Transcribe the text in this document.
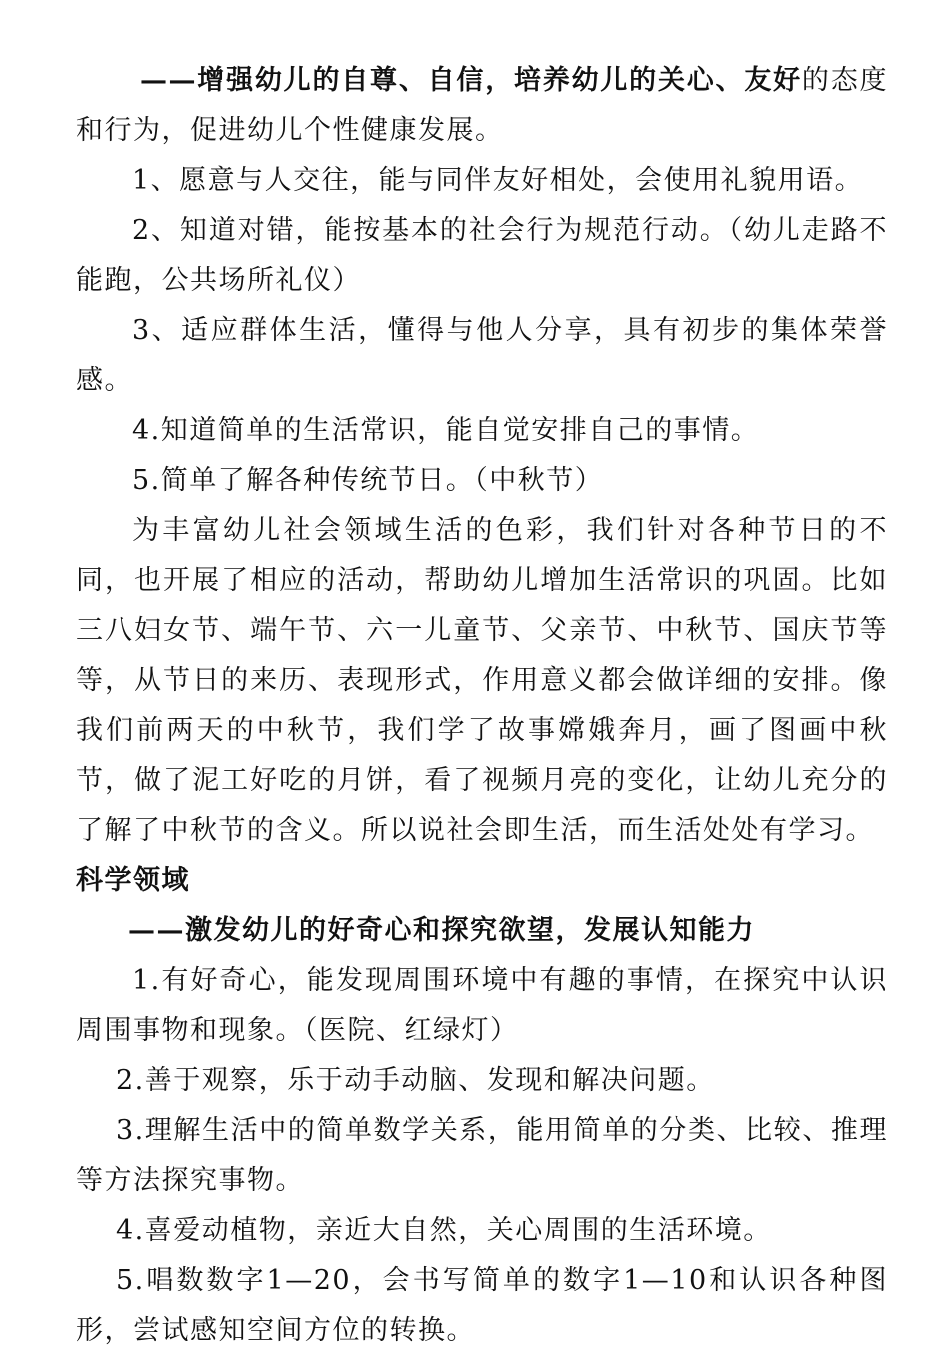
——增强幼儿的自尊、自信，培养幼儿的关心、友好的态度和行为，促进幼儿个性健康发展。

1、愿意与人交往，能与同伴友好相处，会使用礼貌用语。

2、知道对错，能按基本的社会行为规范行动。（幼儿走路不能跑，公共场所礼仪）

3、适应群体生活，懂得与他人分享，具有初步的集体荣誉感。

4.知道简单的生活常识，能自觉安排自己的事情。

5.简单了解各种传统节日。（中秋节）

为丰富幼儿社会领域生活的色彩，我们针对各种节日的不同，也开展了相应的活动，帮助幼儿增加生活常识的巩固。比如三八妇女节、端午节、六一儿童节、父亲节、中秋节、国庆节等等，从节日的来历、表现形式，作用意义都会做详细的安排。像我们前两天的中秋节，我们学了故事嫦娥奔月，画了图画中秋节，做了泥工好吃的月饼，看了视频月亮的变化，让幼儿充分的了解了中秋节的含义。所以说社会即生活，而生活处处有学习。

科学领域

——激发幼儿的好奇心和探究欲望，发展认知能力

1.有好奇心，能发现周围环境中有趣的事情，在探究中认识周围事物和现象。（医院、红绿灯）

2.善于观察，乐于动手动脑、发现和解决问题。

3.理解生活中的简单数学关系，能用简单的分类、比较、推理等方法探究事物。

4.喜爱动植物，亲近大自然，关心周围的生活环境。

5.唱数数字1—20，会书写简单的数字1—10和认识各种图形，尝试感知空间方位的转换。
